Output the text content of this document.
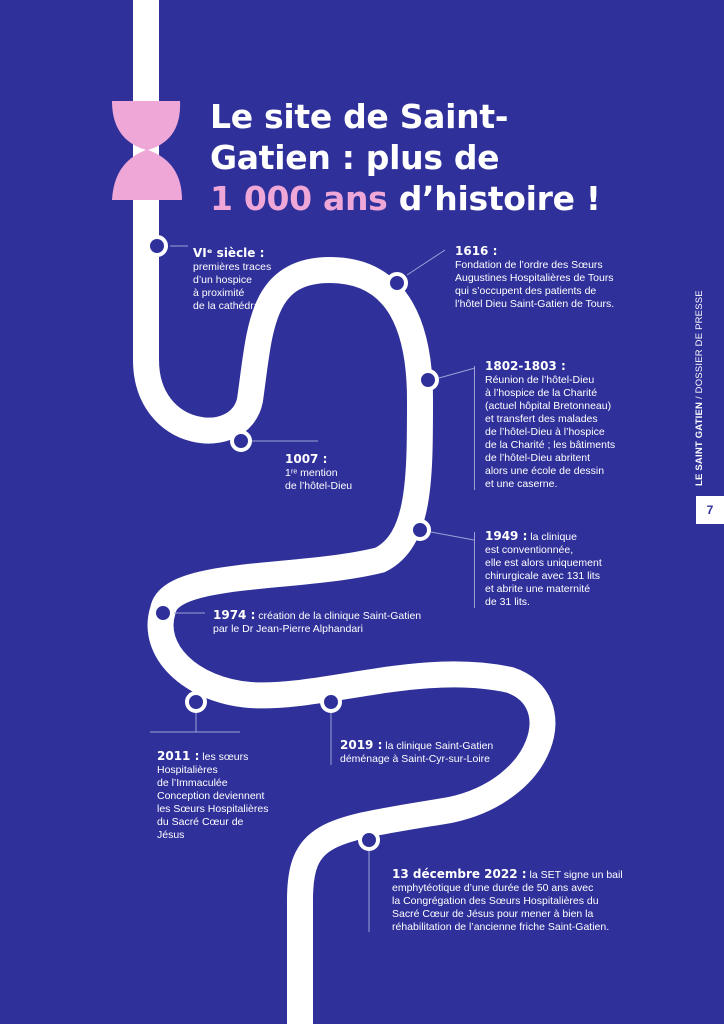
Le site de Saint-
Gatien : plus de
1 000 ans d’histoire !
VIᵉ siècle :
premières traces
d’un hospice
à proximité
de la cathédrale
1616 :
Fondation de l’ordre des Sœurs
Augustines Hospitalières de Tours
qui s’occupent des patients de
l’hôtel Dieu Saint-Gatien de Tours.
1802-1803 :
Réunion de l’hôtel-Dieu
à l’hospice de la Charité
(actuel hôpital Bretonneau)
et transfert des malades
de l’hôtel-Dieu à l’hospice
de la Charité ; les bâtiments
de l’hôtel-Dieu abritent
alors une école de dessin
et une caserne.
1007 :
1ʳᵉ mention
de l’hôtel-Dieu
1949 : la clinique
est conventionnée,
elle est alors uniquement
chirurgicale avec 131 lits
et abrite une maternité
de 31 lits.
1974 : création de la clinique Saint-Gatien
par le Dr Jean-Pierre Alphandari
2011 : les sœurs
Hospitalières
de l’Immaculée
Conception deviennent
les Sœurs Hospitalières
du Sacré Cœur de
Jésus
2019 : la clinique Saint-Gatien
déménage à Saint-Cyr-sur-Loire
13 décembre 2022 : la SET signe un bail
emphytéotique d’une durée de 50 ans avec
la Congrégation des Sœurs Hospitalières du
Sacré Cœur de Jésus pour mener à bien la
réhabilitation de l’ancienne friche Saint-Gatien.
LE SAINT GATIEN / DOSSIER DE PRESSE
7
